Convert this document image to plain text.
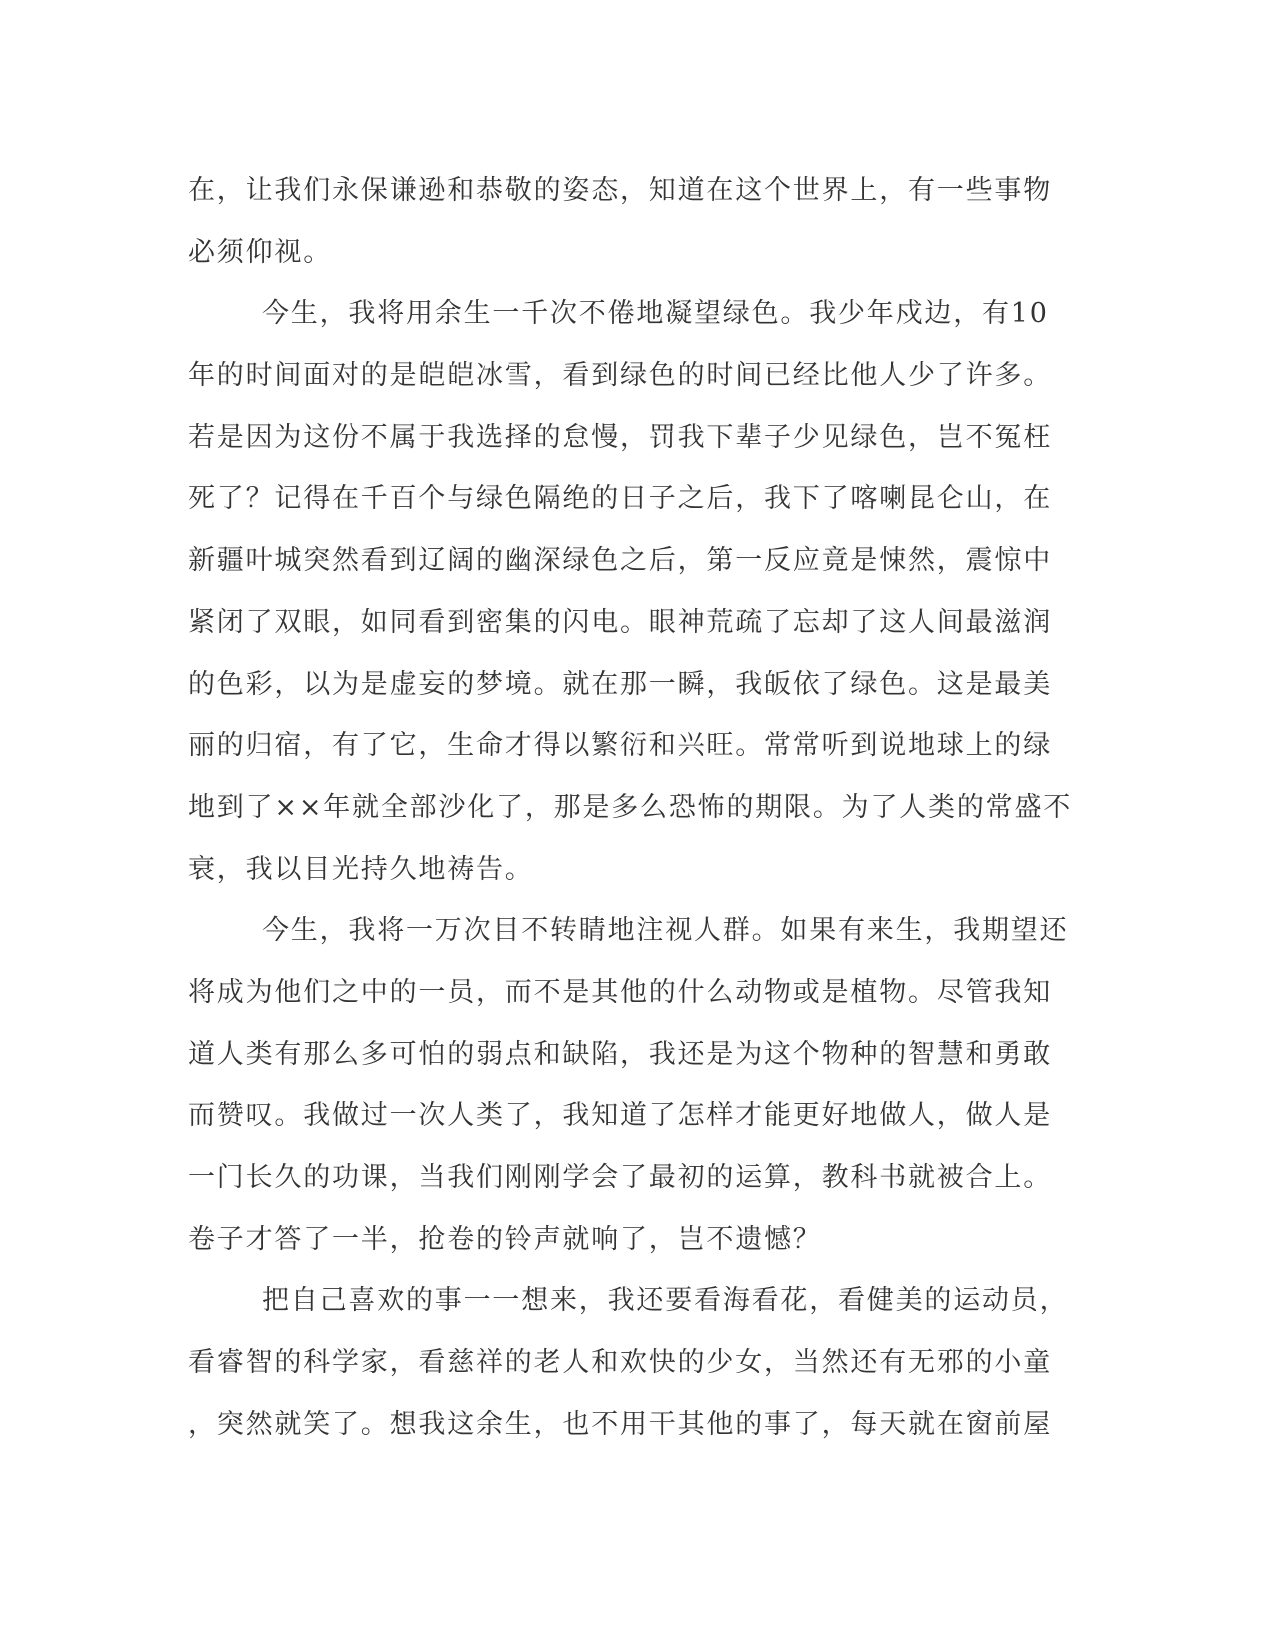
在，让我们永保谦逊和恭敬的姿态，知道在这个世界上，有一些事物
必须仰视。
今生，我将用余生一千次不倦地凝望绿色。我少年戍边，有10
年的时间面对的是皑皑冰雪，看到绿色的时间已经比他人少了许多。
若是因为这份不属于我选择的怠慢，罚我下辈子少见绿色，岂不冤枉
死了？记得在千百个与绿色隔绝的日子之后，我下了喀喇昆仑山，在
新疆叶城突然看到辽阔的幽深绿色之后，第一反应竟是悚然，震惊中
紧闭了双眼，如同看到密集的闪电。眼神荒疏了忘却了这人间最滋润
的色彩，以为是虚妄的梦境。就在那一瞬，我皈依了绿色。这是最美
丽的归宿，有了它，生命才得以繁衍和兴旺。常常听到说地球上的绿
地到了××年就全部沙化了，那是多么恐怖的期限。为了人类的常盛不
衰，我以目光持久地祷告。
今生，我将一万次目不转睛地注视人群。如果有来生，我期望还
将成为他们之中的一员，而不是其他的什么动物或是植物。尽管我知
道人类有那么多可怕的弱点和缺陷，我还是为这个物种的智慧和勇敢
而赞叹。我做过一次人类了，我知道了怎样才能更好地做人，做人是
一门长久的功课，当我们刚刚学会了最初的运算，教科书就被合上。
卷子才答了一半，抢卷的铃声就响了，岂不遗憾？
把自己喜欢的事一一想来，我还要看海看花，看健美的运动员，
看睿智的科学家，看慈祥的老人和欢快的少女，当然还有无邪的小童
，突然就笑了。想我这余生，也不用干其他的事了，每天就在窗前屋
